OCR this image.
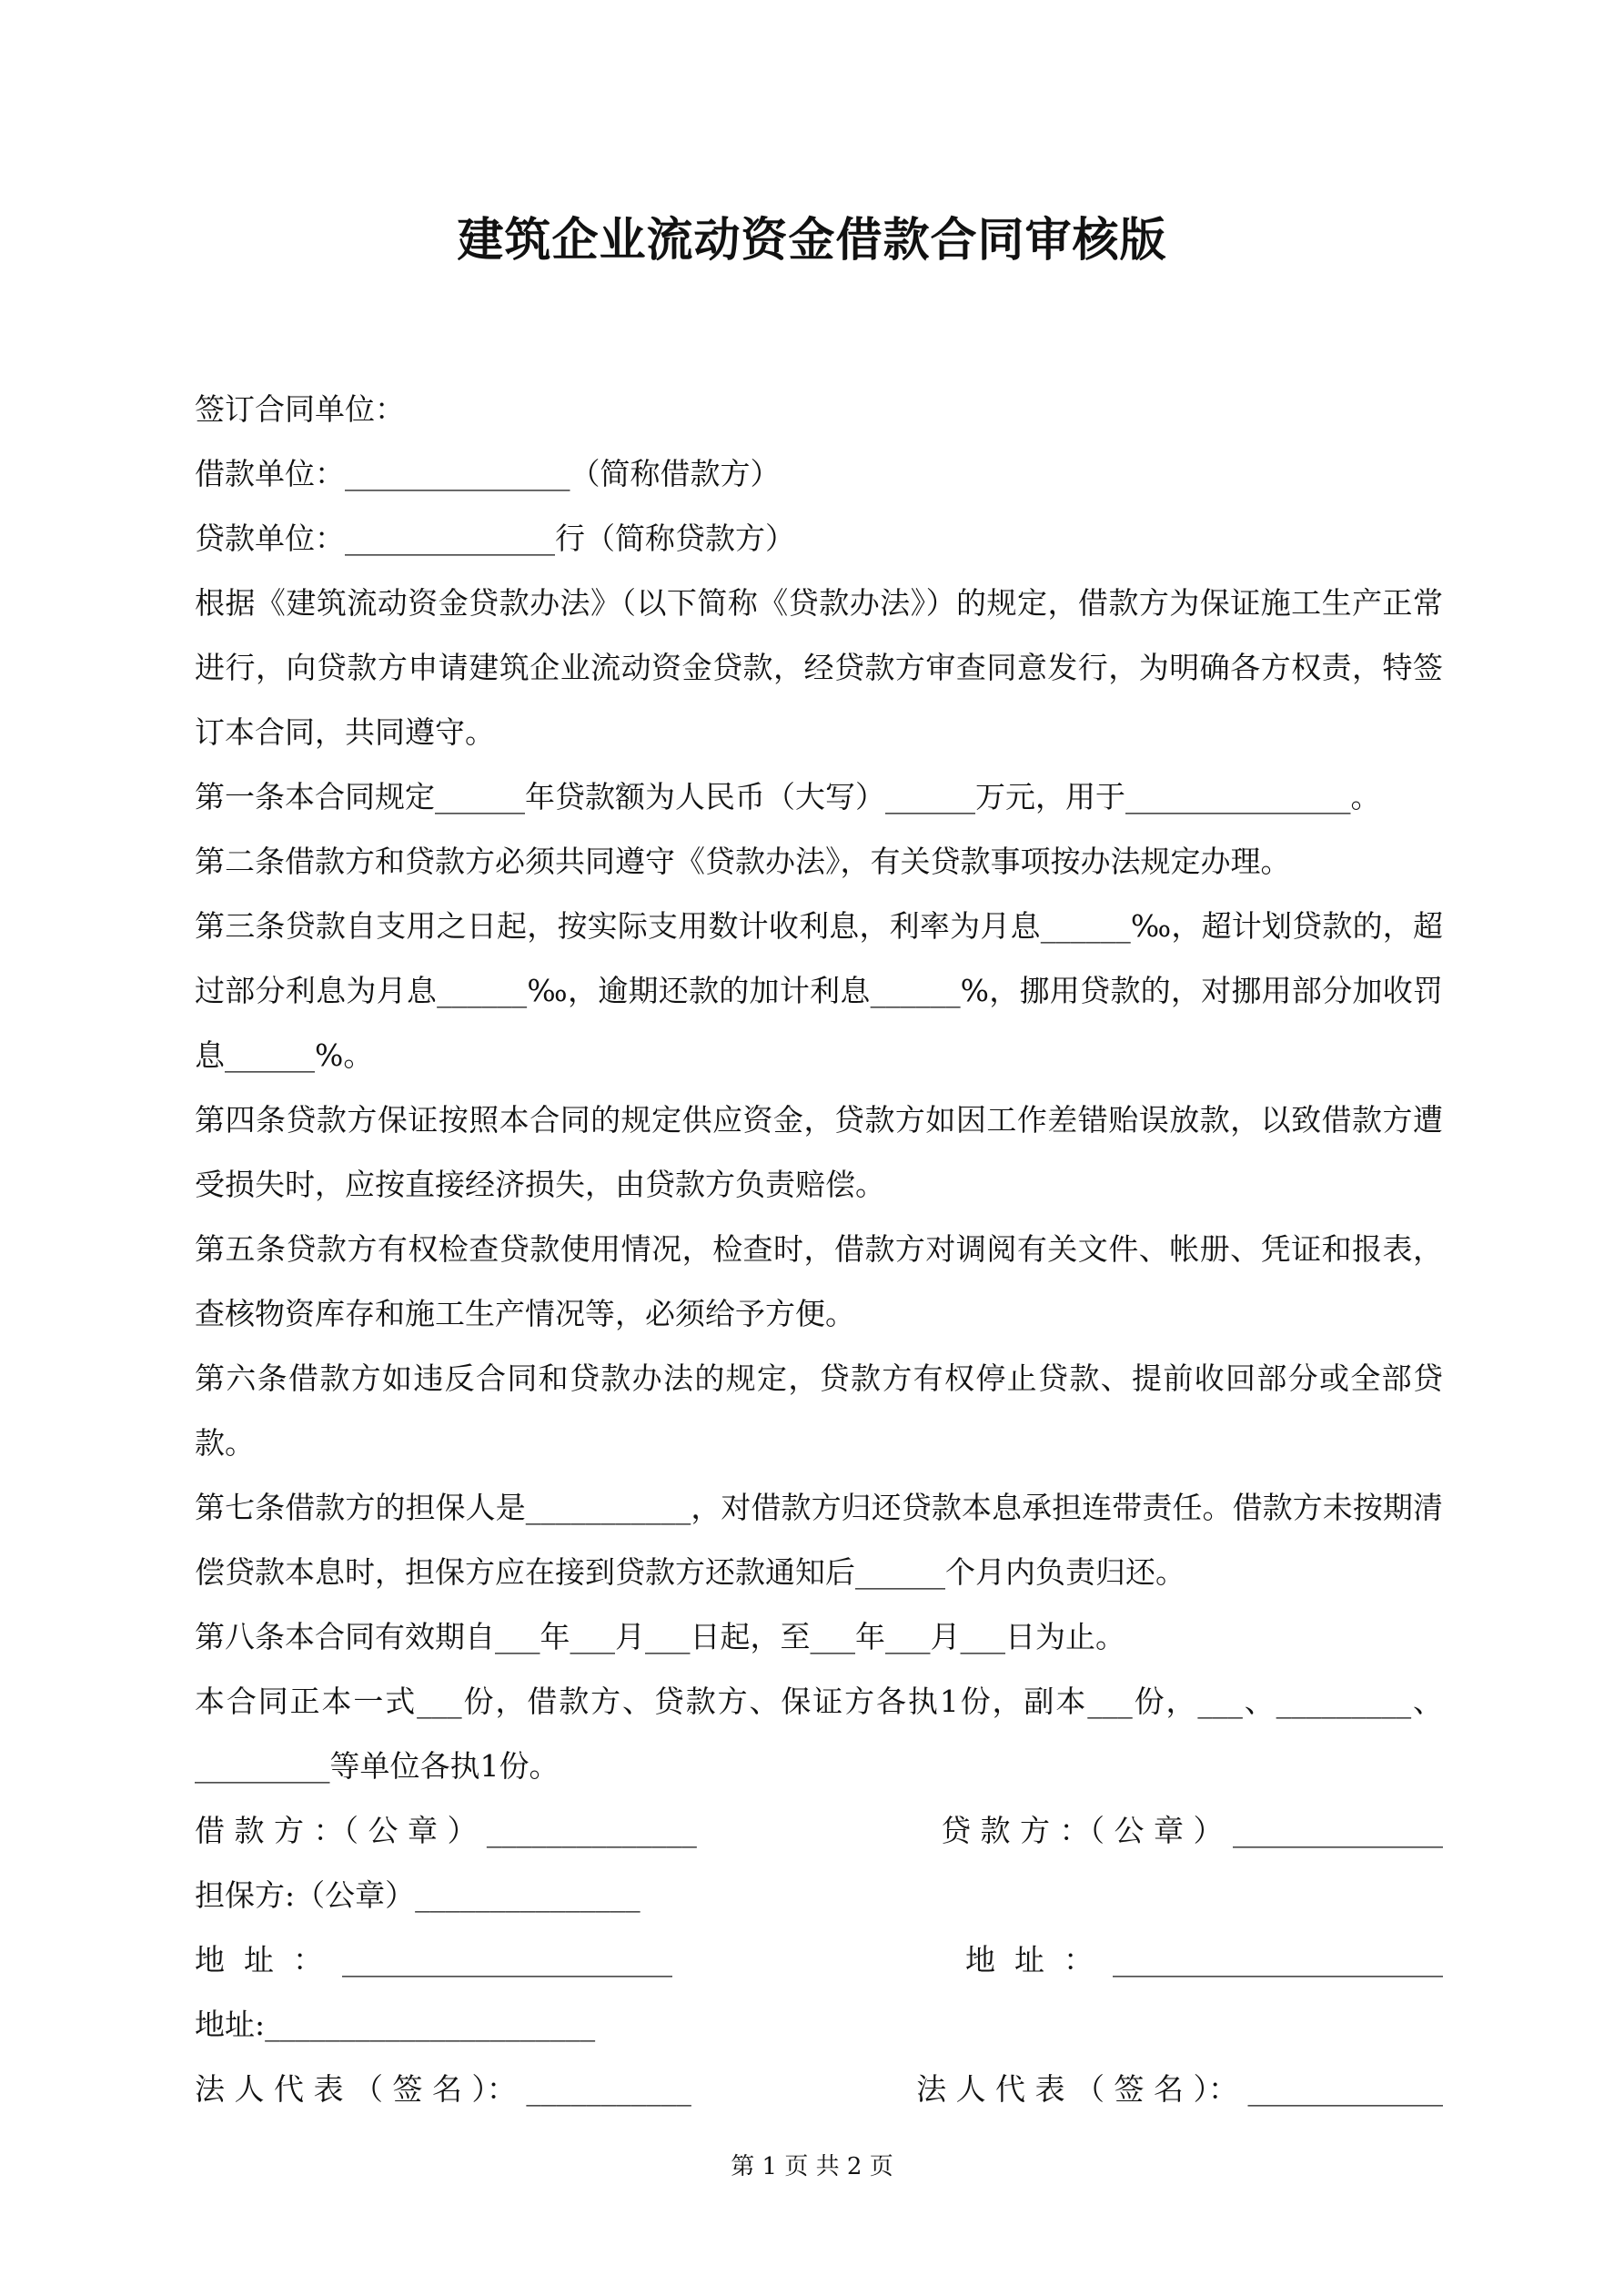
建筑企业流动资金借款合同审核版

签订合同单位：

借款单位：_______________（简称借款方）

贷款单位：______________行（简称贷款方）

根据《建筑流动资金贷款办法》（以下简称《贷款办法》）的规定，借款方为保证施工生产正常进行，向贷款方申请建筑企业流动资金贷款，经贷款方审查同意发行，为明确各方权责，特签订本合同，共同遵守。

第一条本合同规定______年贷款额为人民币（大写）______万元，用于_______________。

第二条借款方和贷款方必须共同遵守《贷款办法》，有关贷款事项按办法规定办理。

第三条贷款自支用之日起，按实际支用数计收利息，利率为月息______‰，超计划贷款的，超过部分利息为月息______‰，逾期还款的加计利息______%，挪用贷款的，对挪用部分加收罚息______%。

第四条贷款方保证按照本合同的规定供应资金，贷款方如因工作差错贻误放款，以致借款方遭受损失时，应按直接经济损失，由贷款方负责赔偿。

第五条贷款方有权检查贷款使用情况，检查时，借款方对调阅有关文件、帐册、凭证和报表，查核物资库存和施工生产情况等，必须给予方便。

第六条借款方如违反合同和贷款办法的规定，贷款方有权停止贷款、提前收回部分或全部贷款。

第七条借款方的担保人是___________，对借款方归还贷款本息承担连带责任。借款方未按期清偿贷款本息时，担保方应在接到贷款方还款通知后______个月内负责归还。

第八条本合同有效期自___年___月___日起，至___年___月___日为止。

本合同正本一式___份，借款方、贷款方、保证方各执1份，副本___份，___、_________、_________等单位各执1份。

借 款 方 ：（ 公 章 ） ______________	贷 款 方 ：（ 公 章 ） ______________
担保方:（公章）_______________
地  址  ：  ______________________	地  址  ：  ______________________
地址:______________________
法 人 代 表 （ 签 名 ）： ___________	法 人 代 表 （ 签 名 ）： _____________
第 1 页 共 2 页
